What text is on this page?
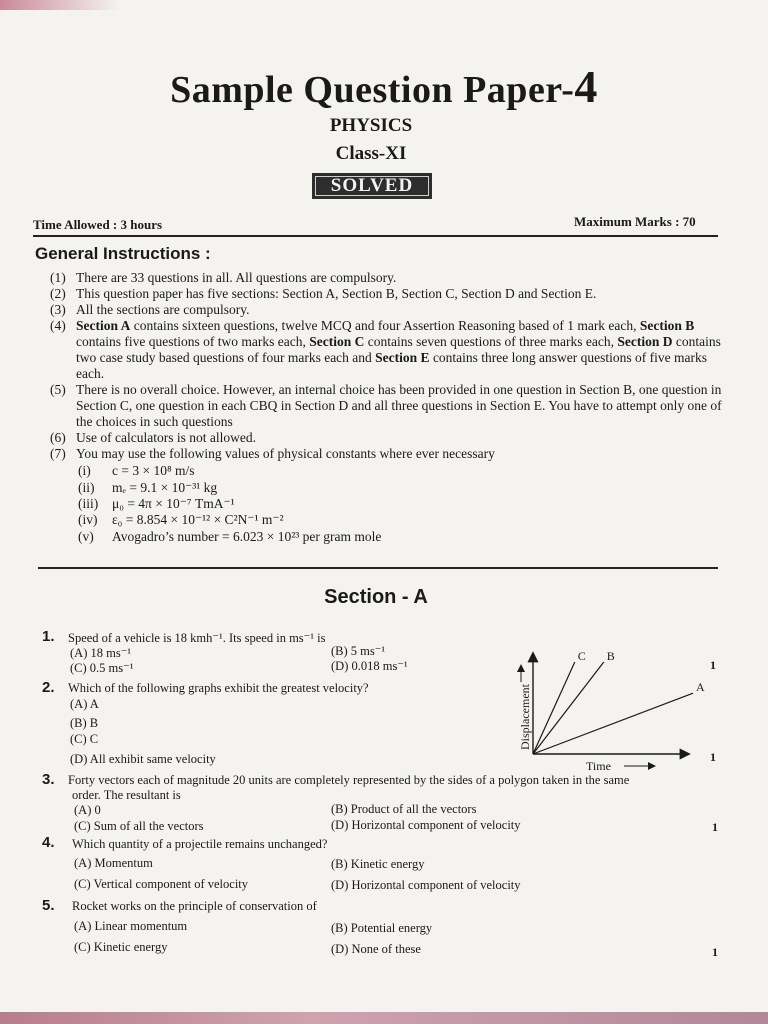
Sample Question Paper-4
PHYSICS
Class-XI
SOLVED
Time Allowed : 3 hours	Maximum Marks : 70
General Instructions :
(1) There are 33 questions in all. All questions are compulsory.
(2) This question paper has five sections: Section A, Section B, Section C, Section D and Section E.
(3) All the sections are compulsory.
(4) Section A contains sixteen questions, twelve MCQ and four Assertion Reasoning based of 1 mark each, Section B contains five questions of two marks each, Section C contains seven questions of three marks each, Section D contains two case study based questions of four marks each and Section E contains three long answer questions of five marks each.
(5) There is no overall choice. However, an internal choice has been provided in one question in Section B, one question in Section C, one question in each CBQ in Section D and all three questions in Section E. You have to attempt only one of the choices in such questions
(6) Use of calculators is not allowed.
(7) You may use the following values of physical constants where ever necessary
(i) c = 3 × 10⁸ m/s
(ii) mₑ = 9.1 × 10⁻³¹ kg
(iii) μ₀ = 4π × 10⁻⁷ TmA⁻¹
(iv) ε₀ = 8.854 × 10⁻¹² × C²N⁻¹ m⁻²
(v) Avogadro’s number = 6.023 × 10²³ per gram mole
Section - A
1. Speed of a vehicle is 18 kmh⁻¹. Its speed in ms⁻¹ is
(A) 18 ms⁻¹	(B) 5 ms⁻¹
(C) 0.5 ms⁻¹	(D) 0.018 ms⁻¹	1
2. Which of the following graphs exhibit the greatest velocity?
(A) A
(B) B
(C) C
(D) All exhibit same velocity	1
Displacement
Time
C B
A
3. Forty vectors each of magnitude 20 units are completely represented by the sides of a polygon taken in the same
order. The resultant is
(A) 0	(B) Product of all the vectors
(C) Sum of all the vectors	(D) Horizontal component of velocity	1
4. Which quantity of a projectile remains unchanged?
(A) Momentum	(B) Kinetic energy
(C) Vertical component of velocity	(D) Horizontal component of velocity
5. Rocket works on the principle of conservation of
(A) Linear momentum	(B) Potential energy
(C) Kinetic energy	(D) None of these	1
